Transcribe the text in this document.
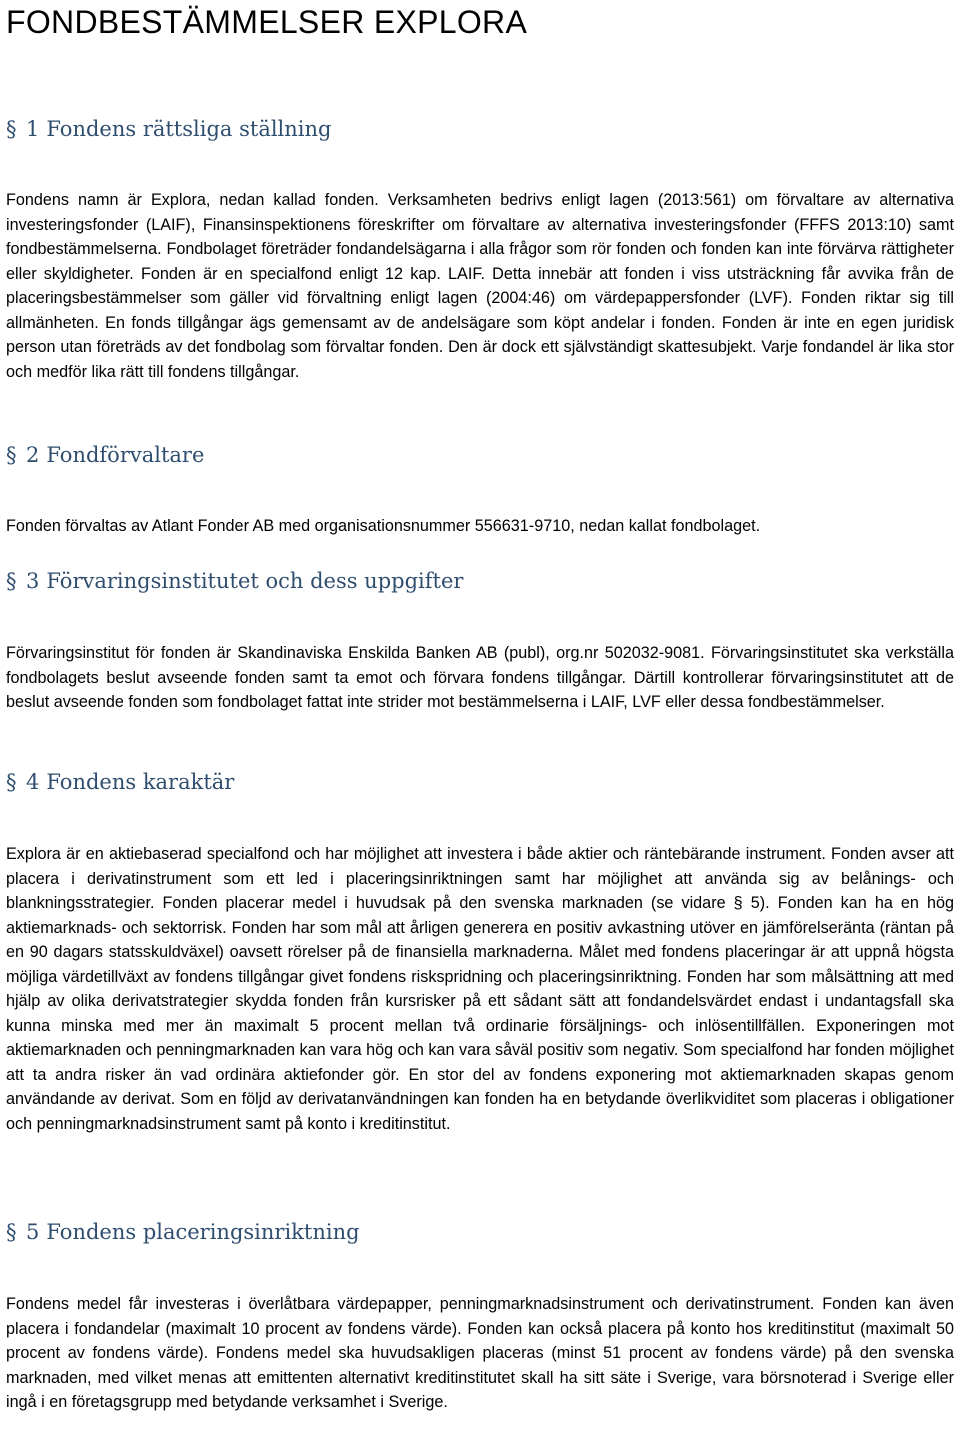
FONDBESTÄMMELSER EXPLORA
§ 1 Fondens rättsliga ställning

Fondens namn är Explora, nedan kallad fonden. Verksamheten bedrivs enligt lagen (2013:561) om förvaltare av alternativa investeringsfonder (LAIF), Finansinspektionens föreskrifter om förvaltare av alternativa investeringsfonder (FFFS 2013:10) samt fondbestämmelserna. Fondbolaget företräder fondandelsägarna i alla frågor som rör fonden och fonden kan inte förvärva rättigheter eller skyldigheter. Fonden är en specialfond enligt 12 kap. LAIF. Detta innebär att fonden i viss utsträckning får avvika från de placeringsbestämmelser som gäller vid förvaltning enligt lagen (2004:46) om värdepappersfonder (LVF). Fonden riktar sig till allmänheten. En fonds tillgångar ägs gemensamt av de andelsägare som köpt andelar i fonden. Fonden är inte en egen juridisk person utan företräds av det fondbolag som förvaltar fonden. Den är dock ett självständigt skattesubjekt. Varje fondandel är lika stor och medför lika rätt till fondens tillgångar.

§ 2 Fondförvaltare

Fonden förvaltas av Atlant Fonder AB med organisationsnummer 556631-9710, nedan kallat fondbolaget.

§ 3 Förvaringsinstitutet och dess uppgifter

Förvaringsinstitut för fonden är Skandinaviska Enskilda Banken AB (publ), org.nr 502032-9081. Förvaringsinstitutet ska verkställa fondbolagets beslut avseende fonden samt ta emot och förvara fondens tillgångar. Därtill kontrollerar förvaringsinstitutet att de beslut avseende fonden som fondbolaget fattat inte strider mot bestämmelserna i LAIF, LVF eller dessa fondbestämmelser.

§ 4 Fondens karaktär

Explora är en aktiebaserad specialfond och har möjlighet att investera i både aktier och räntebärande instrument. Fonden avser att placera i derivatinstrument som ett led i placeringsinriktningen samt har möjlighet att använda sig av belånings- och blankningsstrategier. Fonden placerar medel i huvudsak på den svenska marknaden (se vidare § 5). Fonden kan ha en hög aktiemarknads- och sektorrisk. Fonden har som mål att årligen generera en positiv avkastning utöver en jämförelseränta (räntan på en 90 dagars statsskuldväxel) oavsett rörelser på de finansiella marknaderna. Målet med fondens placeringar är att uppnå högsta möjliga värdetillväxt av fondens tillgångar givet fondens riskspridning och placeringsinriktning. Fonden har som målsättning att med hjälp av olika derivatstrategier skydda fonden från kursrisker på ett sådant sätt att fondandelsvärdet endast i undantagsfall ska kunna minska med mer än maximalt 5 procent mellan två ordinarie försäljnings- och inlösentillfällen. Exponeringen mot aktiemarknaden och penningmarknaden kan vara hög och kan vara såväl positiv som negativ. Som specialfond har fonden möjlighet att ta andra risker än vad ordinära aktiefonder gör. En stor del av fondens exponering mot aktiemarknaden skapas genom användande av derivat. Som en följd av derivatanvändningen kan fonden ha en betydande överlikviditet som placeras i obligationer och penningmarknadsinstrument samt på konto i kreditinstitut.

§ 5 Fondens placeringsinriktning

Fondens medel får investeras i överlåtbara värdepapper, penningmarknadsinstrument och derivatinstrument. Fonden kan även placera i fondandelar (maximalt 10 procent av fondens värde). Fonden kan också placera på konto hos kreditinstitut (maximalt 50 procent av fondens värde). Fondens medel ska huvudsakligen placeras (minst 51 procent av fondens värde) på den svenska marknaden, med vilket menas att emittenten alternativt kreditinstitutet skall ha sitt säte i Sverige, vara börsnoterad i Sverige eller ingå i en företagsgrupp med betydande verksamhet i Sverige.
